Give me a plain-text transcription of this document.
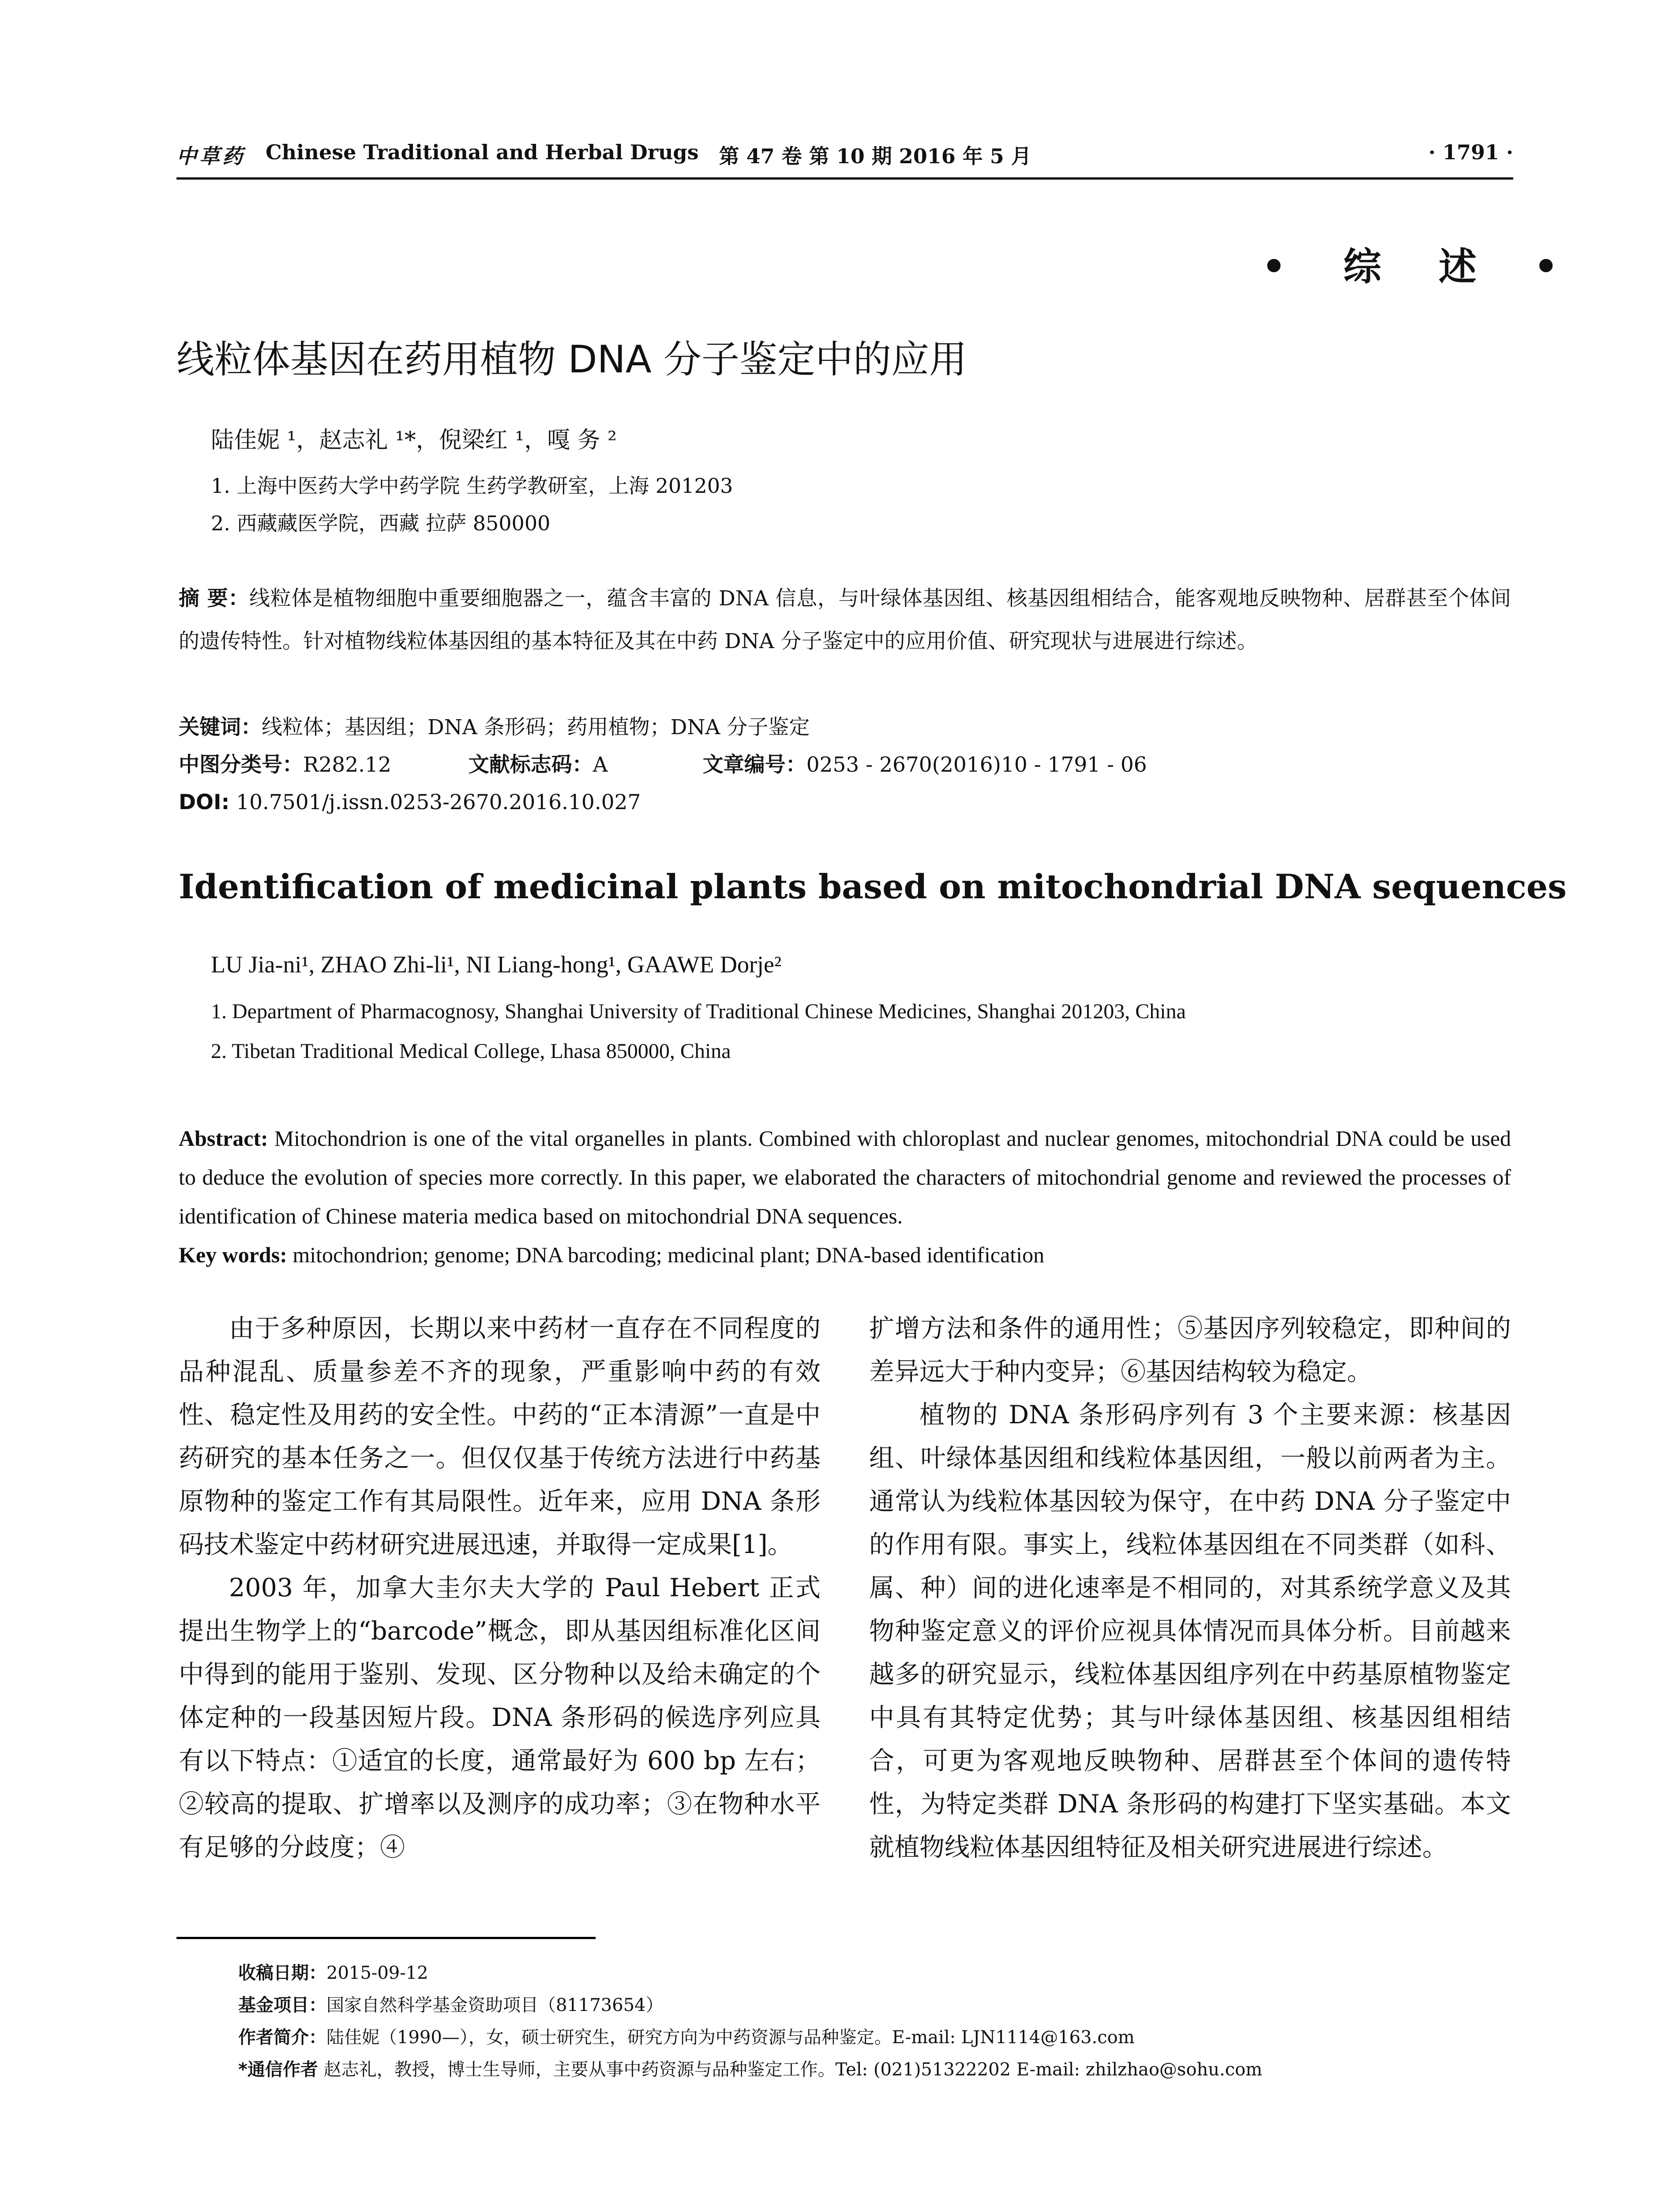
中草药 Chinese Traditional and Herbal Drugs 第 47 卷 第 10 期 2016 年 5 月	· 1791 ·
• 综 述 •
线粒体基因在药用植物 DNA 分子鉴定中的应用
陆佳妮 ¹，赵志礼 ¹*，倪梁红 ¹，嘎 务 ²
1. 上海中医药大学中药学院 生药学教研室，上海 201203
2. 西藏藏医学院，西藏 拉萨 850000
摘 要：线粒体是植物细胞中重要细胞器之一，蕴含丰富的 DNA 信息，与叶绿体基因组、核基因组相结合，能客观地反映物种、居群甚至个体间的遗传特性。针对植物线粒体基因组的基本特征及其在中药 DNA 分子鉴定中的应用价值、研究现状与进展进行综述。
关键词：线粒体；基因组；DNA 条形码；药用植物；DNA 分子鉴定
中图分类号：R282.12	文献标志码：A	文章编号：0253 - 2670(2016)10 - 1791 - 06
DOI: 10.7501/j.issn.0253-2670.2016.10.027
Identification of medicinal plants based on mitochondrial DNA sequences
LU Jia-ni¹, ZHAO Zhi-li¹, NI Liang-hong¹, GAAWE Dorje²
1. Department of Pharmacognosy, Shanghai University of Traditional Chinese Medicines, Shanghai 201203, China
2. Tibetan Traditional Medical College, Lhasa 850000, China
Abstract: Mitochondrion is one of the vital organelles in plants. Combined with chloroplast and nuclear genomes, mitochondrial DNA could be used to deduce the evolution of species more correctly. In this paper, we elaborated the characters of mitochondrial genome and reviewed the processes of identification of Chinese materia medica based on mitochondrial DNA sequences.
Key words: mitochondrion; genome; DNA barcoding; medicinal plant; DNA-based identification

由于多种原因，长期以来中药材一直存在不同程度的品种混乱、质量参差不齐的现象，严重影响中药的有效性、稳定性及用药的安全性。中药的“正本清源”一直是中药研究的基本任务之一。但仅仅基于传统方法进行中药基原物种的鉴定工作有其局限性。近年来，应用 DNA 条形码技术鉴定中药材研究进展迅速，并取得一定成果[1]。

2003 年，加拿大圭尔夫大学的 Paul Hebert 正式提出生物学上的“barcode”概念，即从基因组标准化区间中得到的能用于鉴别、发现、区分物种以及给未确定的个体定种的一段基因短片段。DNA 条形码的候选序列应具有以下特点：①适宜的长度，通常最好为 600 bp 左右；②较高的提取、扩增率以及测序的成功率；③在物种水平有足够的分歧度；④

扩增方法和条件的通用性；⑤基因序列较稳定，即种间的差异远大于种内变异；⑥基因结构较为稳定。

植物的 DNA 条形码序列有 3 个主要来源：核基因组、叶绿体基因组和线粒体基因组，一般以前两者为主。通常认为线粒体基因较为保守，在中药 DNA 分子鉴定中的作用有限。事实上，线粒体基因组在不同类群（如科、属、种）间的进化速率是不相同的，对其系统学意义及其物种鉴定意义的评价应视具体情况而具体分析。目前越来越多的研究显示，线粒体基因组序列在中药基原植物鉴定中具有其特定优势；其与叶绿体基因组、核基因组相结合，可更为客观地反映物种、居群甚至个体间的遗传特性，为特定类群 DNA 条形码的构建打下坚实基础。本文就植物线粒体基因组特征及相关研究进展进行综述。

收稿日期：2015-09-12
基金项目：国家自然科学基金资助项目（81173654）
作者简介：陆佳妮（1990—），女，硕士研究生，研究方向为中药资源与品种鉴定。E-mail: LJN1114@163.com
*通信作者 赵志礼，教授，博士生导师，主要从事中药资源与品种鉴定工作。Tel: (021)51322202 E-mail: zhilzhao@sohu.com
